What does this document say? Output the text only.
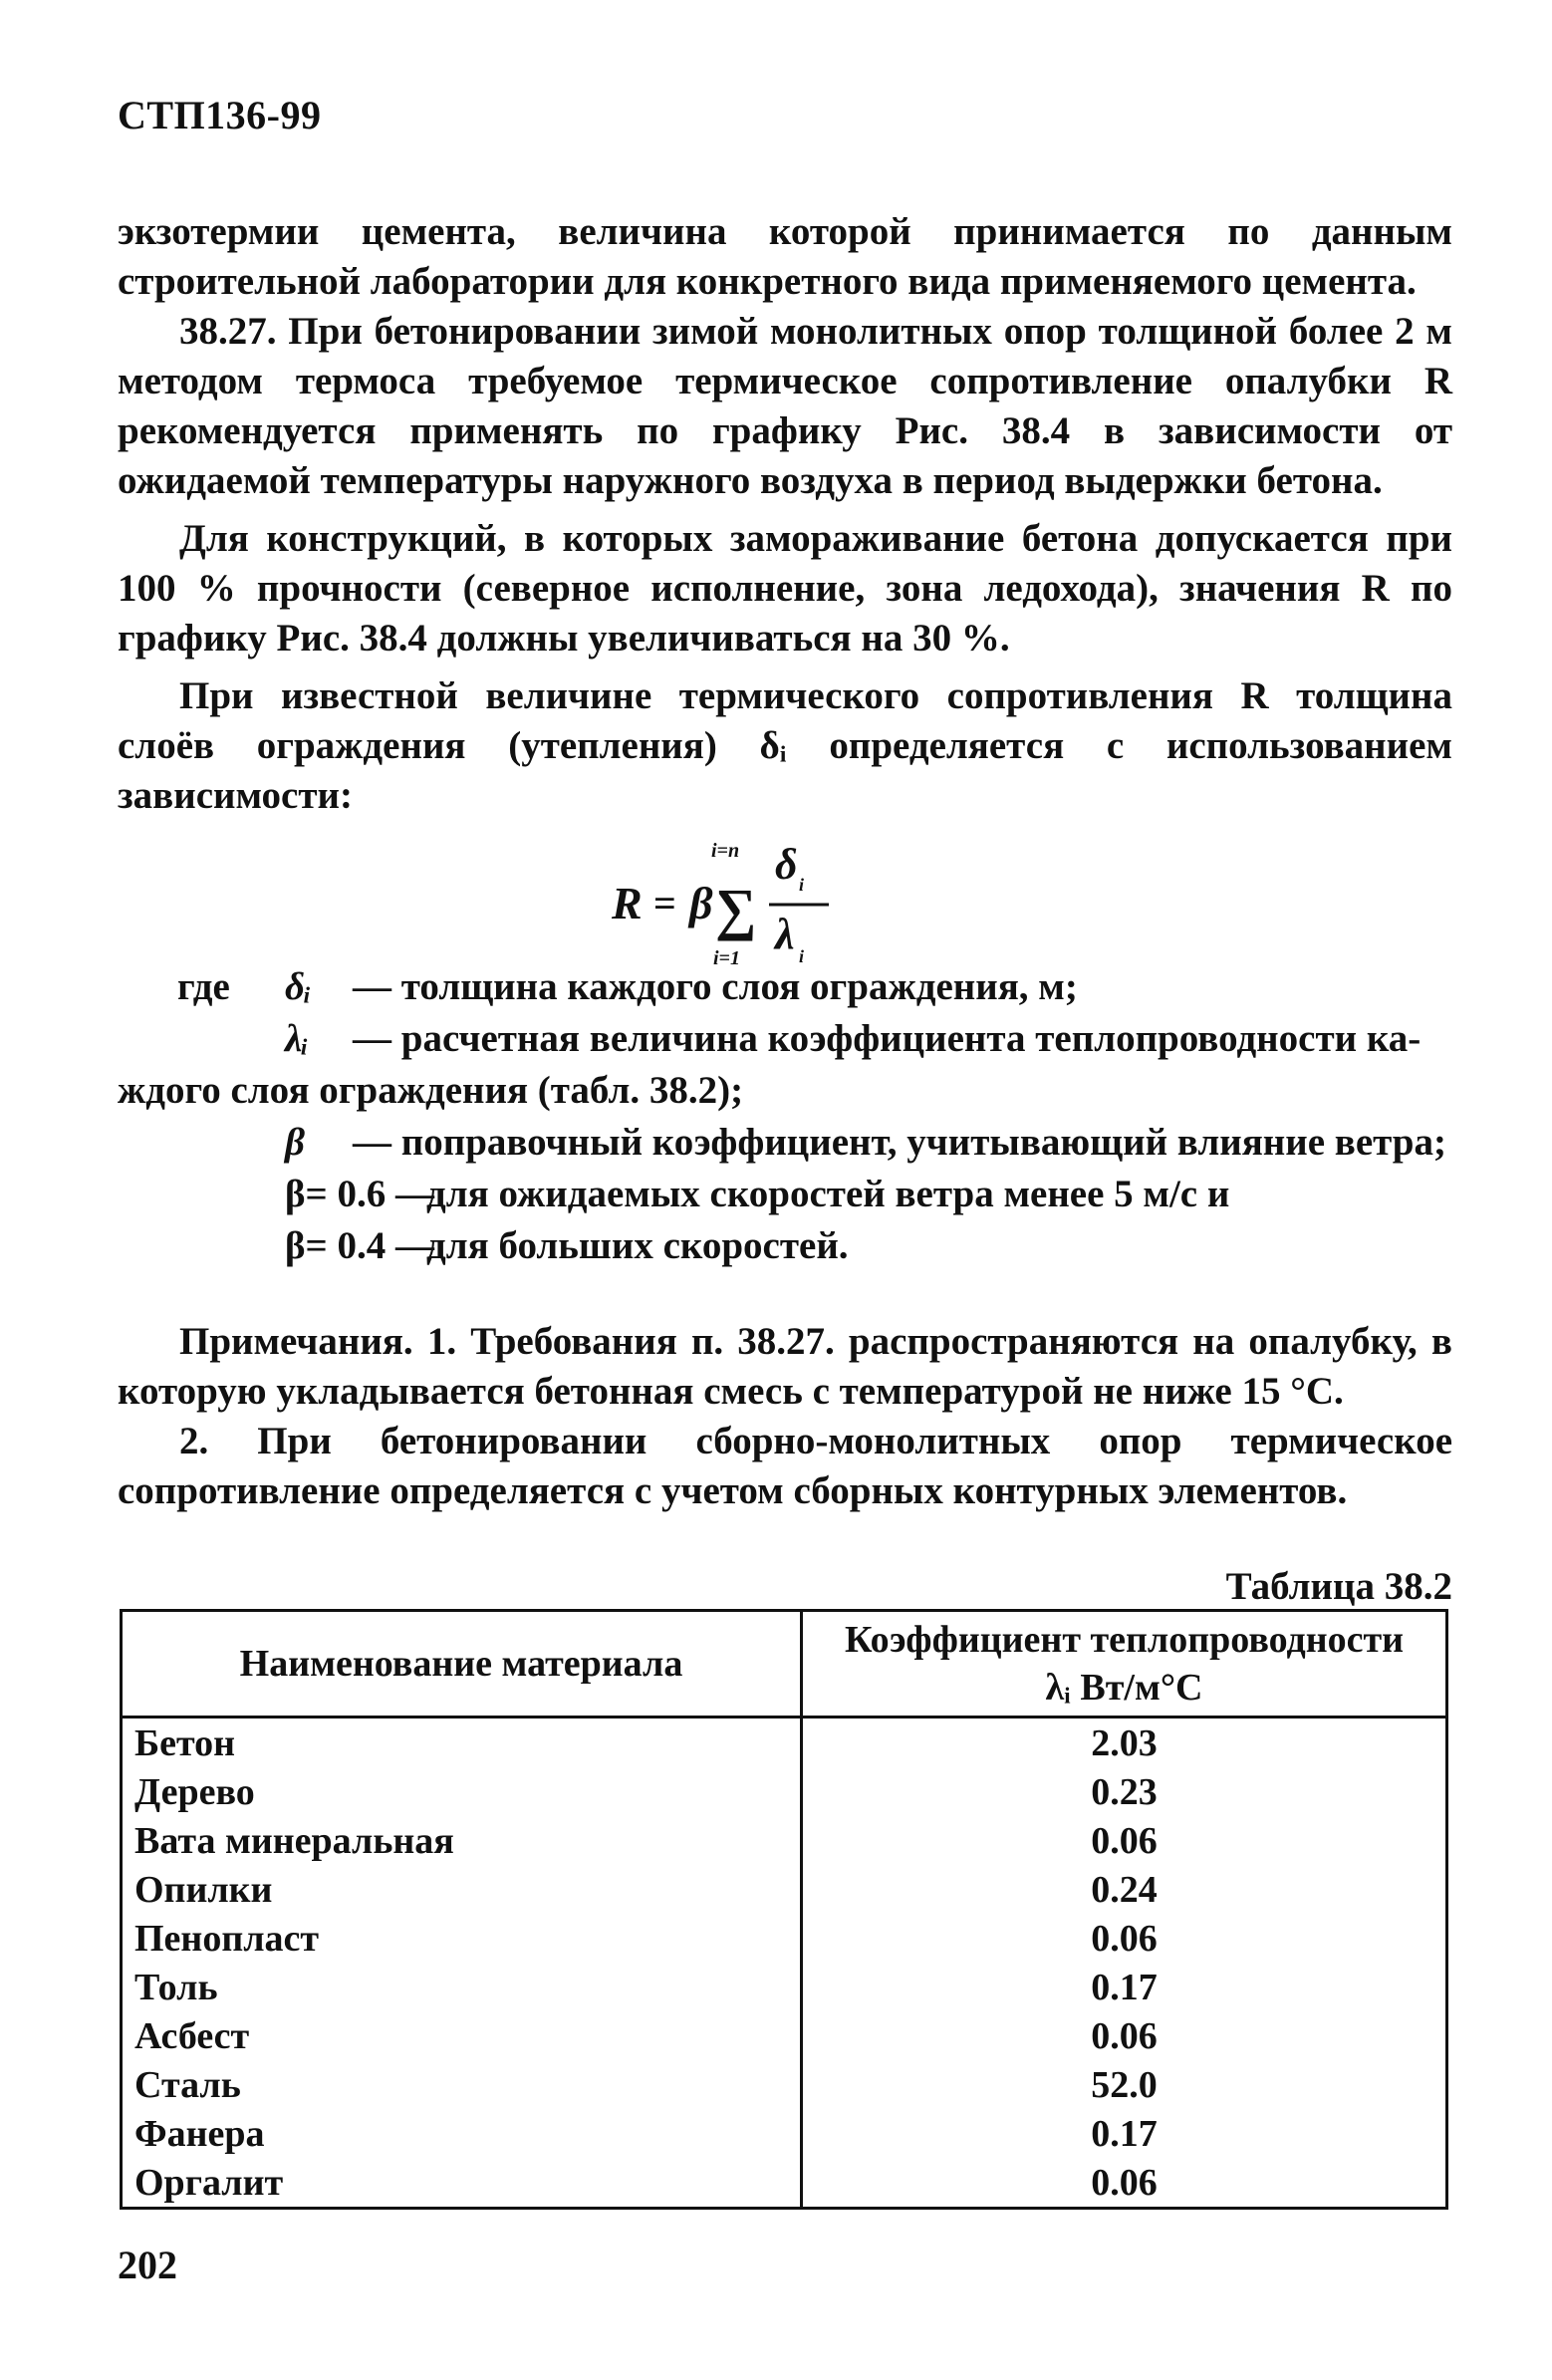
СТП136-99

экзотермии цемента, величина которой принимается по данным строительной лаборатории для конкретного вида применяемого цемента.

38.27. При бетонировании зимой монолитных опор толщиной более 2 м методом термоса требуемое термическое сопротивление опалубки R рекомендуется применять по графику Рис. 38.4 в зависимости от ожидаемой температуры наружного воздуха в период выдержки бетона.

Для конструкций, в которых замораживание бетона допускается при 100 % прочности (северное исполнение, зона ледохода), значения R по графику Рис. 38.4 должны увеличиваться на 30 %.

При известной величине термического сопротивления R толщина слоёв ограждения (утепления) δᵢ определяется с использованием зависимости:

R = β
i=n
∑
i=1
δ i
λ i
где δᵢ — толщина каждого слоя ограждения, м;
λᵢ — расчетная величина коэффициента теплопроводности ка-
ждого слоя ограждения (табл. 38.2);
β — поправочный коэффициент, учитывающий влияние ветра;
β= 0.6 —
для ожидаемых скоростей ветра менее 5 м/с и
β= 0.4 —
для больших скоростей.

Примечания. 1. Требования п. 38.27. распространяются на опалубку, в которую укладывается бетонная смесь с температурой не ниже 15 °С.

2. При бетонировании сборно-монолитных опор термическое сопротивление определяется с учетом сборных контурных элементов.

Таблица 38.2
Наименование материала	Коэффициент теплопроводности
λᵢ Вт/м°С

Бетон	2.03
Дерево	0.23
Вата минеральная	0.06
Опилки	0.24
Пенопласт	0.06
Толь	0.17
Асбест	0.06
Сталь	52.0
Фанера	0.17
Оргалит	0.06
202
